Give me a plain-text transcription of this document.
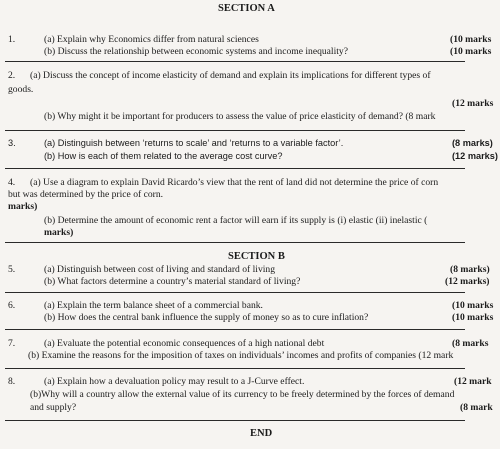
SECTION A
1.	(a) Explain why Economics differ from natural sciences	(10 marks
(b) Discuss the relationship between economic systems and income inequality?	(10 marks
2. (a) Discuss the concept of income elasticity of demand and explain its implications for different types of
goods.
(12 marks
(b) Why might it be important for producers to assess the value of price elasticity of demand? (8 mark
3.	(a) Distinguish between ‘returns to scale’ and ‘returns to a variable factor’.	(8 marks)
(b) How is each of them related to the average cost curve?	(12 marks)
4. (a) Use a diagram to explain David Ricardo’s view that the rent of land did not determine the price of corn
but was determined by the price of corn.
marks)
(b) Determine the amount of economic rent a factor will earn if its supply is (i) elastic (ii) inelastic (
marks)
SECTION B
5.	(a) Distinguish between cost of living and standard of living	(8 marks)
(b) What factors determine a country’s material standard of living?	(12 marks)
6.	(a) Explain the term balance sheet of a commercial bank.	(10 marks
(b) How does the central bank influence the supply of money so as to cure inflation?	(10 marks
7.	(a) Evaluate the potential economic consequences of a high national debt	(8 marks
(b) Examine the reasons for the imposition of taxes on individuals’ incomes and profits of companies (12 mark
8.	(a) Explain how a devaluation policy may result to a J-Curve effect.	(12 mark
(b)Why will a country allow the external value of its currency to be freely determined by the forces of demand
and supply?	(8 mark
END
